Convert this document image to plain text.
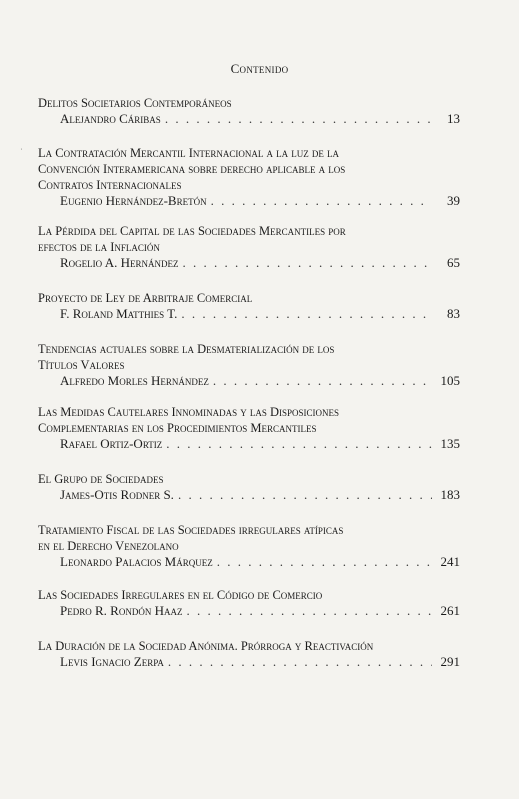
Contenido
˙
Delitos Societarios Contemporáneos
Alejandro Cáribas . . .	13
La Contratación Mercantil Internacional a la luz de la
Convención Interamericana sobre derecho aplicable a los
Contratos Internacionales
Eugenio Hernández-Bretón . . .	39
La Pérdida del Capital de las Sociedades Mercantiles por
efectos de la Inflación
Rogelio A. Hernández . . .	65
Proyecto de Ley de Arbitraje Comercial
F. Roland Matthies T. . . .	83
Tendencias actuales sobre la Desmaterialización de los
Títulos Valores
Alfredo Morles Hernández . . .	105
Las Medidas Cautelares Innominadas y las Disposiciones
Complementarias en los Procedimientos Mercantiles
Rafael Ortiz-Ortiz . . .	135
El Grupo de Sociedades
James-Otis Rodner S. . . .	183
Tratamiento Fiscal de las Sociedades irregulares atípicas
en el Derecho Venezolano
Leonardo Palacios Márquez . . .	241
Las Sociedades Irregulares en el Código de Comercio
Pedro R. Rondón Haaz . . .	261
La Duración de la Sociedad Anónima. Prórroga y Reactivación
Levis Ignacio Zerpa . . .	291
